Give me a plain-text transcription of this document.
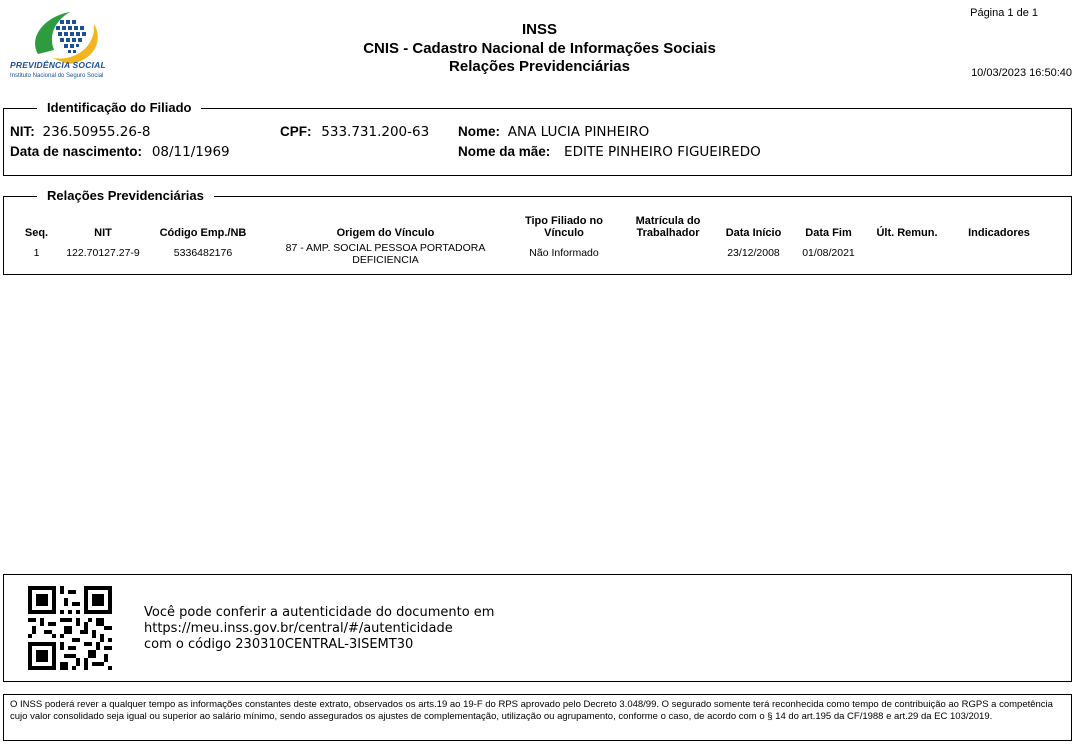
PREVIDÊNCIA SOCIAL
Instituto Nacional do Seguro Social
INSS
CNIS - Cadastro Nacional de Informações Sociais
Relações Previdenciárias
Página 1 de 1
10/03/2023 16:50:40
Identificação do Filiado
NIT: 236.50955.26-8	CPF: 533.731.200-63 Nome: ANA LUCIA PINHEIRO
Data de nascimento: 08/11/1969	Nome da mãe: EDITE PINHEIRO FIGUEIREDO
Relações Previdenciárias
Seq.	NIT	Código Emp./NB	Origem do Vínculo	Tipo Filiado no Vínculo	Matrícula do Trabalhador	Data Início	Data Fim	Últ. Remun.	Indicadores
1	122.70127.27-9	5336482176	87 - AMP. SOCIAL PESSOA PORTADORA DEFICIENCIA	Não Informado		23/12/2008	01/08/2021		
Você pode conferir a autenticidade do documento em
https://meu.inss.gov.br/central/#/autenticidade
com o código 230310CENTRAL-3ISEMT30
O INSS poderá rever a qualquer tempo as informações constantes deste extrato, observados os arts.19 ao 19-F do RPS aprovado pelo Decreto 3.048/99. O segurado somente terá reconhecida como tempo de contribuição ao RGPS a competência cujo valor consolidado seja igual ou superior ao salário mínimo, sendo assegurados os ajustes de complementação, utilização ou agrupamento, conforme o caso, de acordo com o § 14 do art.195 da CF/1988 e art.29 da EC 103/2019.
